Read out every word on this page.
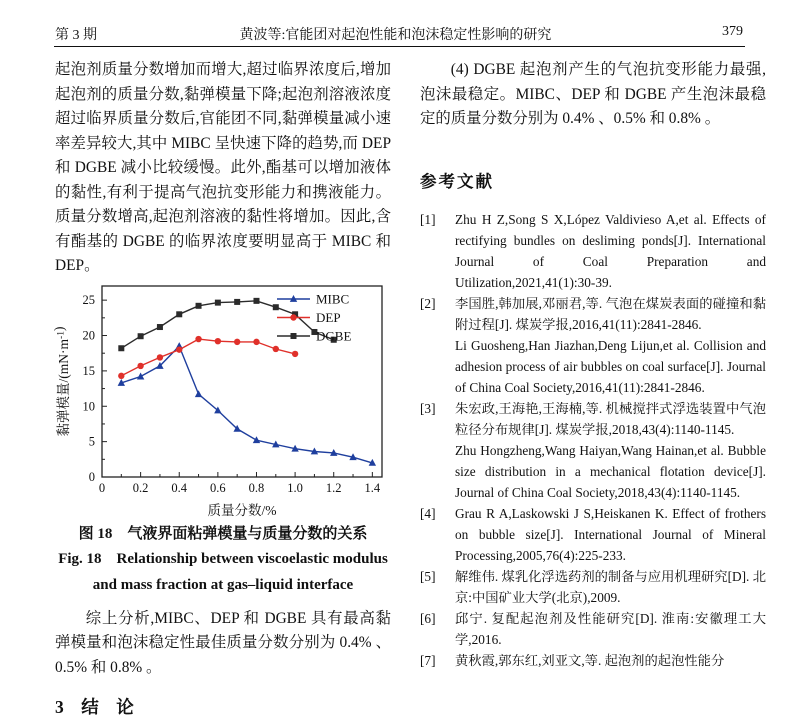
第 3 期	黄波等:官能团对起泡性能和泡沫稳定性影响的研究	379

起泡剂质量分数增加而增大,超过临界浓度后,增加起泡剂的质量分数,黏弹模量下降;起泡剂溶液浓度超过临界质量分数后,官能团不同,黏弹模量减小速率差异较大,其中 MIBC 呈快速下降的趋势,而 DEP 和 DGBE 减小比较缓慢。此外,酯基可以增加液体的黏性,有利于提高气泡抗变形能力和携液能力。质量分数增高,起泡剂溶液的黏性将增加。因此,含有酯基的 DGBE 的临界浓度要明显高于 MIBC 和 DEP。

0 0.2 0.4 0.6 0.8 1.0 1.2 1.4
0
5
10
15
20
25
质量分数/%
黏弹模量$/(mN\cdot m^{-1})$
MIBC
DEP
DGBE
图 18　气液界面粘弹模量与质量分数的关系
Fig. 18　Relationship between viscoelastic modulus
and mass fraction at gas–liquid interface

综上分析,MIBC、DEP 和 DGBE 具有最高黏弹模量和泡沫稳定性最佳质量分数分别为 0.4% 、0.5% 和 0.8% 。

3　结　论

(4) DGBE 起泡剂产生的气泡抗变形能力最强,泡沫最稳定。MIBC、DEP 和 DGBE 产生泡沫最稳定的质量分数分别为 0.4% 、0.5% 和 0.8% 。

参考文献
[1]	Zhu H Z,Song S X,López Valdivieso A,et al. Effects of rectifying bundles on desliming ponds[J]. International Journal of Coal Preparation and Utilization,2021,41(1):30-39.
[2]	李国胜,韩加展,邓丽君,等. 气泡在煤炭表面的碰撞和黏附过程[J]. 煤炭学报,2016,41(11):2841-2846.
Li Guosheng,Han Jiazhan,Deng Lijun,et al. Collision and adhesion process of air bubbles on coal surface[J]. Journal of China Coal Society,2016,41(11):2841-2846.
[3]	朱宏政,王海艳,王海楠,等. 机械搅拌式浮选装置中气泡粒径分布规律[J]. 煤炭学报,2018,43(4):1140-1145.
Zhu Hongzheng,Wang Haiyan,Wang Hainan,et al. Bubble size distribution in a mechanical flotation device[J]. Journal of China Coal Society,2018,43(4):1140-1145.
[4]	Grau R A,Laskowski J S,Heiskanen K. Effect of frothers on bubble size[J]. International Journal of Mineral Processing,2005,76(4):225-233.
[5]	解维伟. 煤乳化浮选药剂的制备与应用机理研究[D]. 北京:中国矿业大学(北京),2009.
[6]	邱宁. 复配起泡剂及性能研究[D]. 淮南:安徽理工大学,2016.
[7]	黄秋霞,郭东红,刘亚文,等. 起泡剂的起泡性能分
